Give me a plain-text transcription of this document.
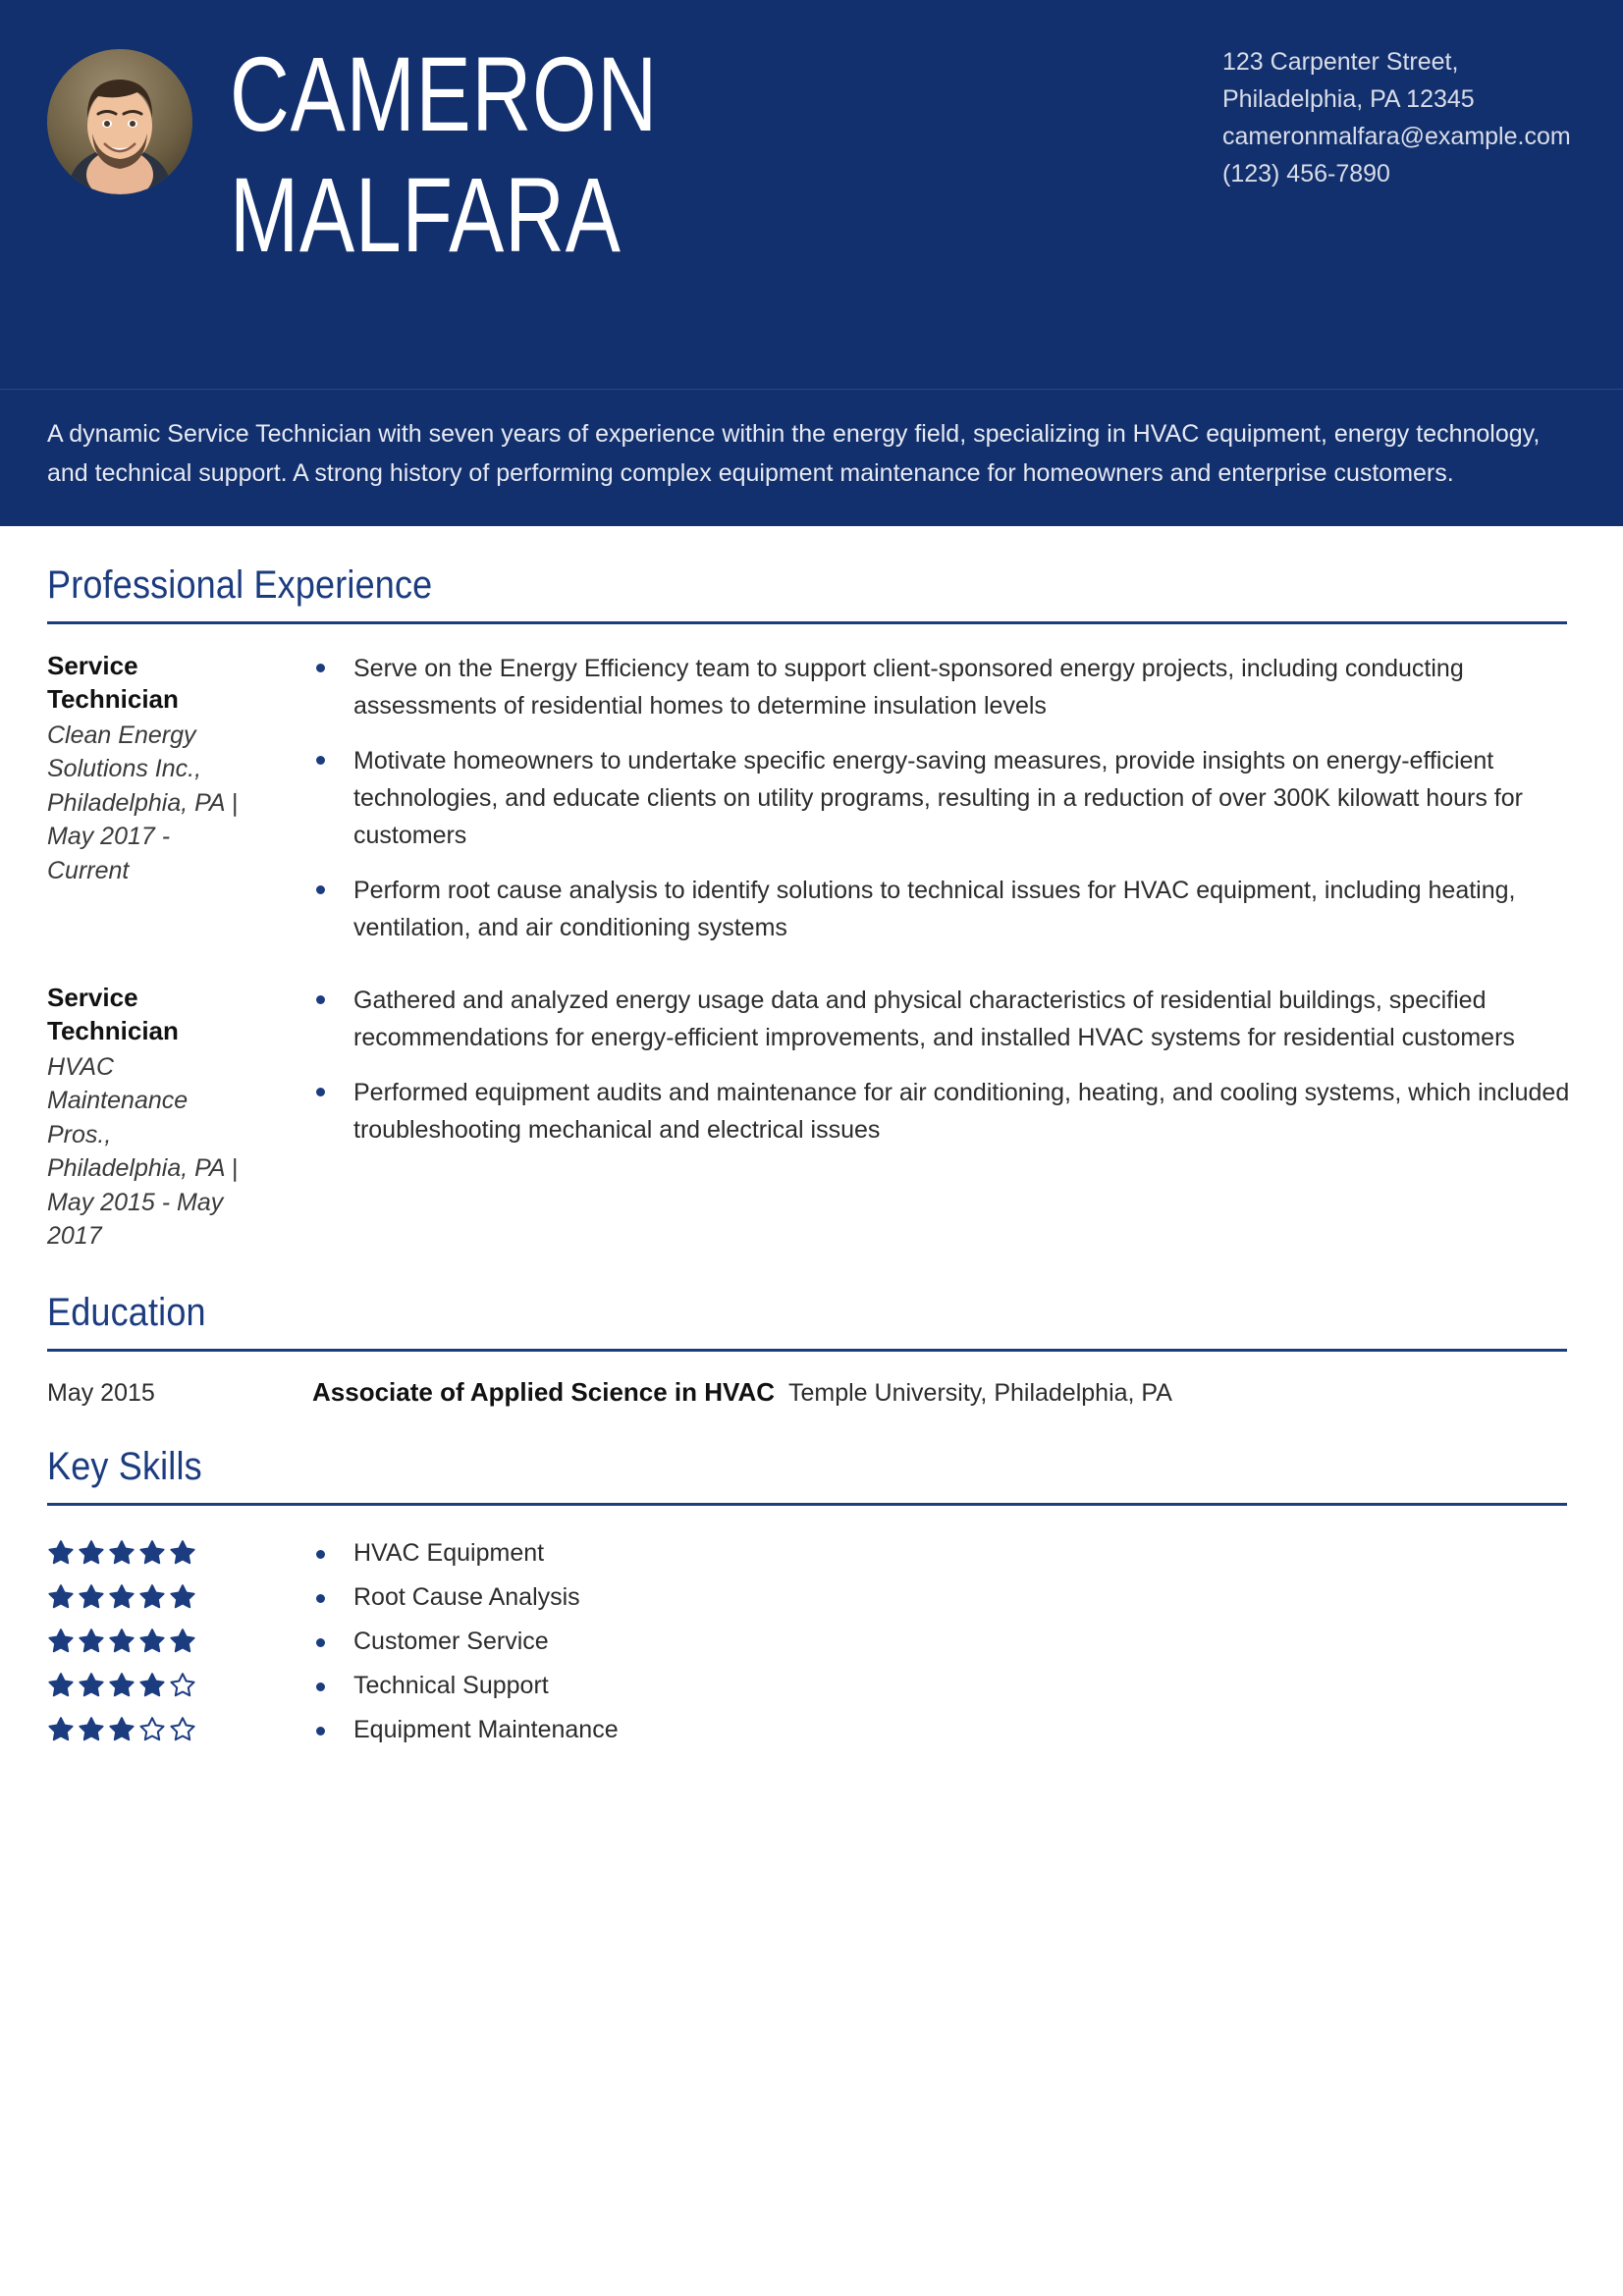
CAMERON
MALFARA
123 Carpenter Street,
Philadelphia, PA 12345
cameronmalfara@example.com
(123) 456-7890
A dynamic Service Technician with seven years of experience within the energy field, specializing in HVAC equipment, energy technology, and technical support. A strong history of performing complex equipment maintenance for homeowners and enterprise customers.
Professional Experience
Service Technician
Clean Energy Solutions Inc., Philadelphia, PA | May 2017 - Current
Serve on the Energy Efficiency team to support client-sponsored energy projects, including conducting assessments of residential homes to determine insulation levels
Motivate homeowners to undertake specific energy-saving measures, provide insights on energy-efficient technologies, and educate clients on utility programs, resulting in a reduction of over 300K kilowatt hours for customers
Perform root cause analysis to identify solutions to technical issues for HVAC equipment, including heating, ventilation, and air conditioning systems
Service Technician
HVAC Maintenance Pros., Philadelphia, PA | May 2015 - May 2017
Gathered and analyzed energy usage data and physical characteristics of residential buildings, specified recommendations for energy-efficient improvements, and installed HVAC systems for residential customers
Performed equipment audits and maintenance for air conditioning, heating, and cooling systems, which included troubleshooting mechanical and electrical issues
Education
May 2015	Associate of Applied Science in HVAC Temple University, Philadelphia, PA
Key Skills
HVAC Equipment
Root Cause Analysis
Customer Service
Technical Support
Equipment Maintenance
